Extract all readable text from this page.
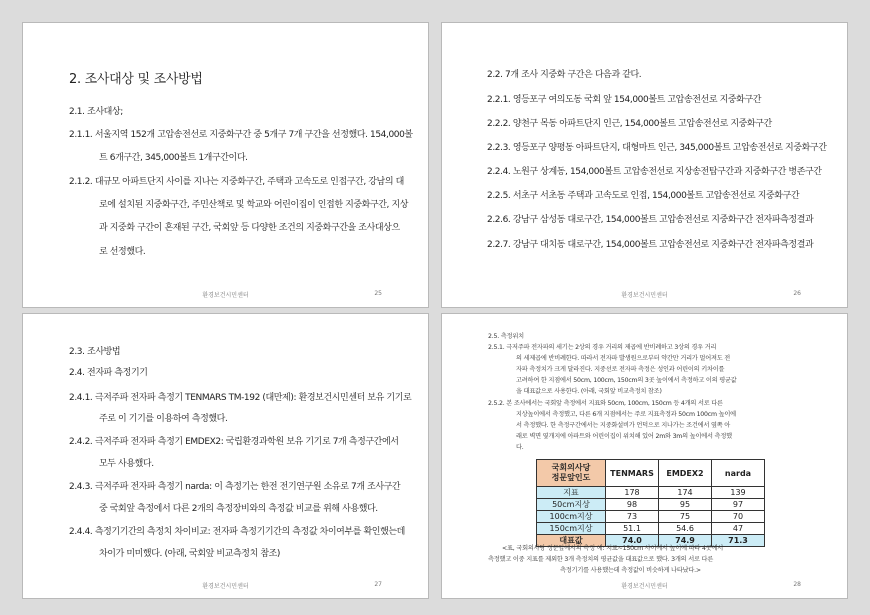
2. 조사대상 및 조사방법
2.1. 조사대상;
2.1.1. 서울지역 152개 고압송전선로 지중화구간 중 5개구 7개 구간을 선정했다. 154,000볼
트 6개구간, 345,000볼트 1개구간이다.
2.1.2. 대규모 아파트단지 사이를 지나는 지중화구간, 주택과 고속도로 인접구간, 강남의 대
로에 설치된 지중화구간, 주민산책로 및 학교와 어린이집이 인접한 지중화구간, 지상
과 지중화 구간이 혼재된 구간, 국회앞 등 다양한 조건의 지중화구간을 조사대상으
로 선정했다.
환경보건시민센터	25
2.2. 7개 조사 지중화 구간은 다음과 같다.
2.2.1. 영등포구 여의도동 국회 앞 154,000볼트 고압송전선로 지중화구간
2.2.2. 양천구 목동 아파트단지 인근, 154,000볼트 고압송전선로 지중화구간
2.2.3. 영등포구 양평동 아파트단지, 대형마트 인근, 345,000볼트 고압송전선로 지중화구간
2.2.4. 노원구 상계동, 154,000볼트 고압송전선로 지상송전탑구간과 지중화구간 병존구간
2.2.5. 서초구 서초동 주택과 고속도로 인접, 154,000볼트 고압송전선로 지중화구간
2.2.6. 강남구 삼성동 대로구간, 154,000볼트 고압송전선로 지중화구간 전자파측정결과
2.2.7. 강남구 대치동 대로구간, 154,000볼트 고압송전선로 지중화구간 전자파측정결과
환경보건시민센터	26
2.3. 조사방법
2.4. 전자파 측정기기
2.4.1. 극저주파 전자파 측정기 TENMARS TM-192 (대만제): 환경보건시민센터 보유 기기로
주로 이 기기를 이용하여 측정했다.
2.4.2. 극저주파 전자파 측정기 EMDEX2: 국립환경과학원 보유 기기로 7개 측정구간에서
모두 사용했다.
2.4.3. 극저주파 전자파 측정기 narda: 이 측정기는 한전 전기연구원 소유로 7개 조사구간
중 국회앞 측정에서 다른 2개의 측정장비와의 측정값 비교를 위해 사용했다.
2.4.4. 측정기기간의 측정치 차이비교: 전자파 측정기기간의 측정값 차이여부를 확인했는데
차이가 미미했다. (아래, 국회앞 비교측정치 참조)
환경보건시민센터	27
2.5. 측정위치
2.5.1. 극저주파 전자파의 세기는 2상의 경우 거리의 제곱에 반비례하고 3상의 경우 거리
의 세제곱에 반비례한다. 따라서 전자파 발생원으로부터 약간만 거리가 멀어져도 전
자파 측정치가 크게 달라진다. 지중선로 전자파 측정은 성인과 어린이의 키차이를
고려하여 한 지점에서 50cm, 100cm, 150cm의 3곳 높이에서 측정하고 이의 평균값
을 대표값으로 사용한다. (아래, 국회앞 비교측정치 참조)
2.5.2. 본 조사에서는 국회앞 측정에서 지표와 50cm, 100cm, 150cm 등 4개의 서로 다른
지상높이에서 측정했고, 다른 6개 지점에서는 주로 지표측정과 50cm 100cm 높이에
서 측정했다. 한 측정구간에서는 지중화설비가 언덕으로 지나가는 조건에서 옆쪽 아
래로 벽면 옆개지에 아파트와 어린이집이 위치해 있어 2m와 3m의 높이에서 측정했
다.
국회의사당
정문앞인도	TENMARS	EMDEX2	narda
지표	178	174	139
50cm지상	98	95	97
100cm지상	73	75	70
150cm지상	51.1	54.6	47
대표값	74.0	74.9	71.3
<표, 국회의사당 정문앞에서의 측정 예: 지표~150cm 사이에서 높이에 따라 4곳에서
측정했고 이중 지표를 제외한 3개 측정치의 평균값을 대표값으로 했다. 3개의 서로 다른
측정기기를 사용했는데 측정값이 비슷하게 나타났다.>
환경보건시민센터	28
